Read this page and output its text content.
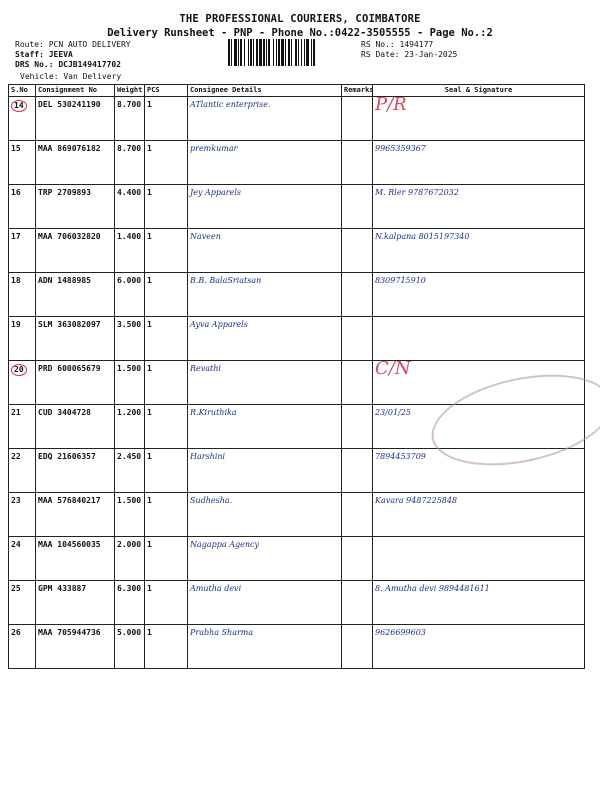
THE PROFESSIONAL COURIERS, COIMBATORE
Delivery Runsheet - PNP - Phone No.:0422-3505555 - Page No.:2
Route: PCN AUTO DELIVERY
Staff: JEEVA
DRS No.: DCJB149417702
Vehicle: Van Delivery
RS No.: 1494177
RS Date: 23-Jan-2025
S.No	Consignment No	Weight	PCS	Consignee Details	Remarks	Seal & Signature
14	DEL 530241190	8.700	1	ATlantic enterprise.		P/R
15	MAA 869076182	8.700	1	premkumar		9965359367
16	TRP 2709893	4.400	1	Jey Apparels		M. Rler 9787672032
17	MAA 706032820	1.400	1	Naveen		N.kalpana 8015197340
18	ADN 1488985	6.000	1	B.B. BalaSriatsan		8309715910
19	SLM 363082097	3.500	1	Ayva Apparels		
20	PRD 600065679	1.500	1	Revathi		C/N
21	CUD 3404728	1.200	1	R.Kiruthika		23/01/25
22	EDQ 21606357	2.450	1	Harshini		7894453709
23	MAA 576840217	1.500	1	Sudhesha.		Kavara 9487225848
24	MAA 104560035	2.000	1	Nagappa Agency		
25	GPM 433887	6.300	1	Amutha devi		8. Amutha devi 9894481611
26	MAA 705944736	5.000	1	Prabha Sharma		9626699603
